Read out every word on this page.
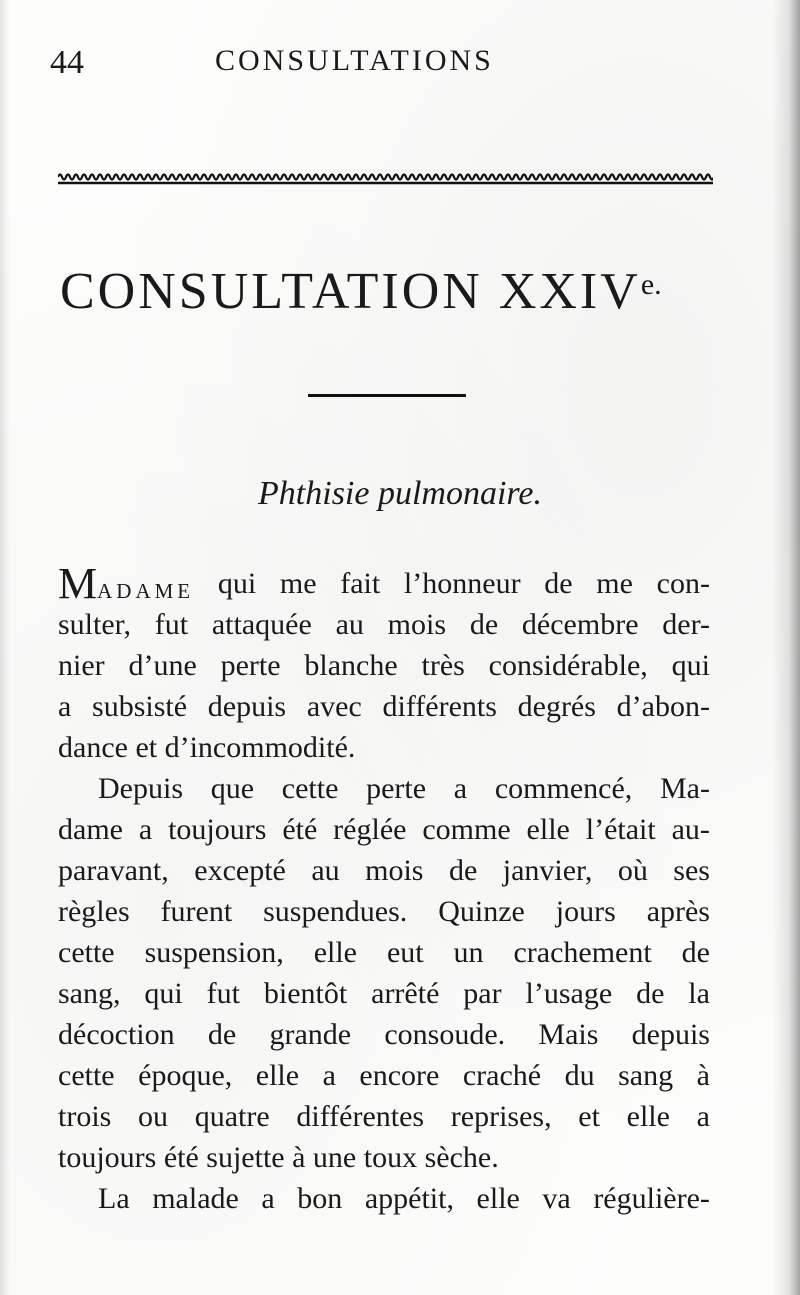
44	CONSULTATIONS
CONSULTATION $XXIV^{e.}$
Phthisie pulmonaire.
MADAME qui me fait l’honneur de me con-
sulter, fut attaquée au mois de décembre der-
nier d’une perte blanche très considérable, qui
a subsisté depuis avec différents degrés d’abon-
dance et d’incommodité.
Depuis que cette perte a commencé, Ma-
dame a toujours été réglée comme elle l’était au-
paravant, excepté au mois de janvier, où ses
règles furent suspendues. Quinze jours après
cette suspension, elle eut un crachement de
sang, qui fut bientôt arrêté par l’usage de la
décoction de grande consoude. Mais depuis
cette époque, elle a encore craché du sang à
trois ou quatre différentes reprises, et elle a
toujours été sujette à une toux sèche.
La malade a bon appétit, elle va régulière-
